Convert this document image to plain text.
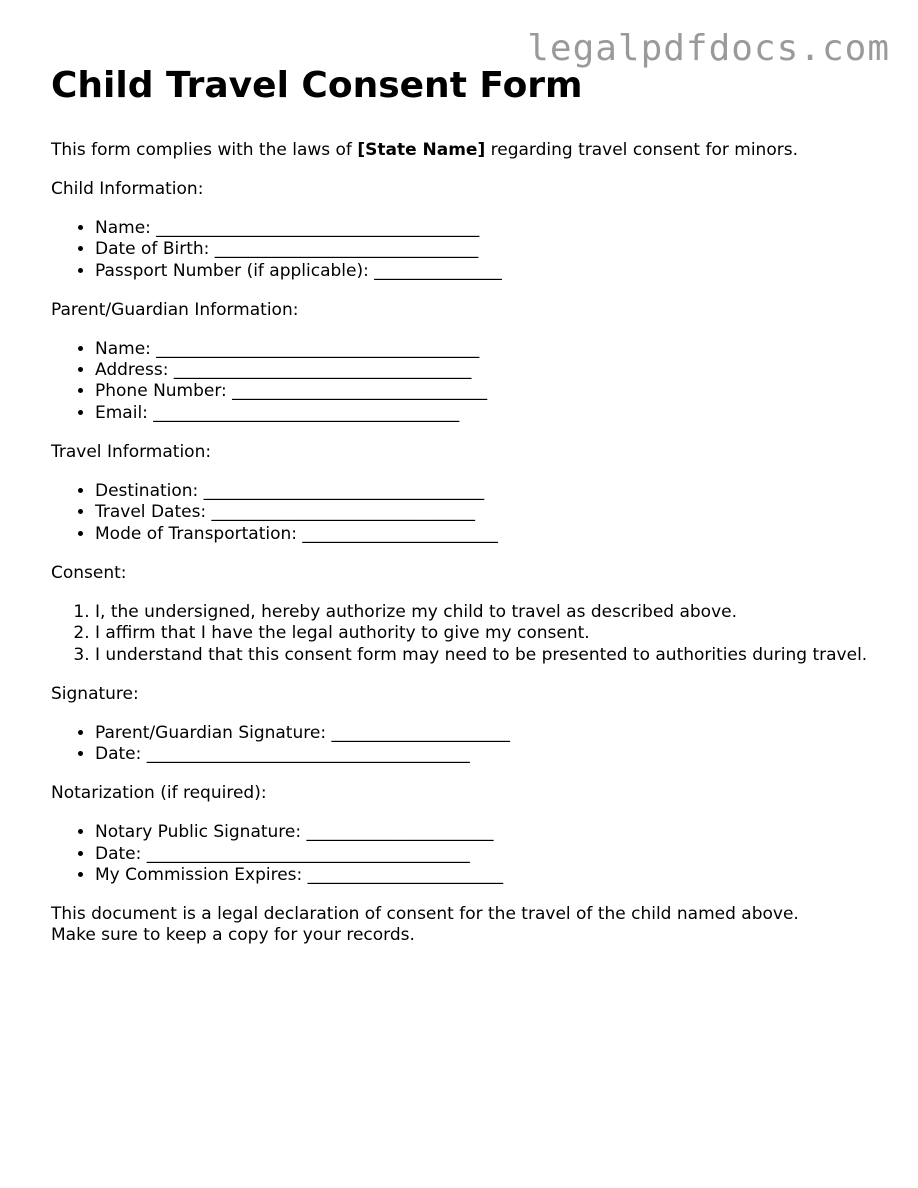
legalpdfdocs.com
Child Travel Consent Form

This form complies with the laws of [State Name] regarding travel consent for minors.

Child Information:

• Name: ______________________________________
• Date of Birth: _______________________________
• Passport Number (if applicable): _______________

Parent/Guardian Information:

• Name: ______________________________________
• Address: ___________________________________
• Phone Number: ______________________________
• Email: ____________________________________

Travel Information:

• Destination: _________________________________
• Travel Dates: _______________________________
• Mode of Transportation: _______________________

Consent:

1. I, the undersigned, hereby authorize my child to travel as described above.
2. I affirm that I have the legal authority to give my consent.
3. I understand that this consent form may need to be presented to authorities during travel.

Signature:

• Parent/Guardian Signature: _____________________
• Date: ______________________________________

Notarization (if required):

• Notary Public Signature: ______________________
• Date: ______________________________________
• My Commission Expires: _______________________

This document is a legal declaration of consent for the travel of the child named above.
Make sure to keep a copy for your records.
